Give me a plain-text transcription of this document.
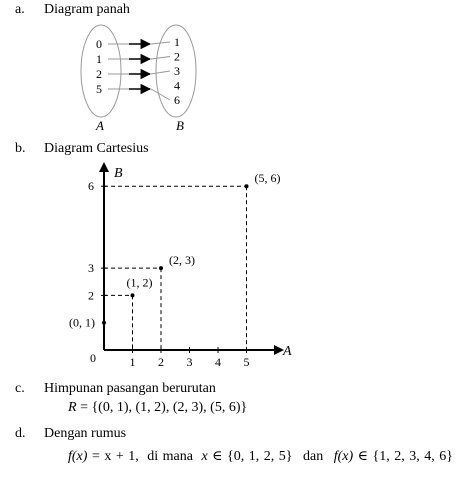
a. Diagram panah
0
1
2
5
1
2
3
4
6
A	B
b. Diagram Cartesius
1 2 3 4 5
2
3
6
(0, 1)
(1, 2)
(2, 3)
(5, 6)
B
A
0
c. Himpunan pasangan berurutan
R = {(0, 1), (1, 2), (2, 3), (5, 6)}
d. Dengan rumus
f(x) = x + 1, di mana x ∈ {0, 1, 2, 5} dan f(x) ∈ {1, 2, 3, 4, 6}
